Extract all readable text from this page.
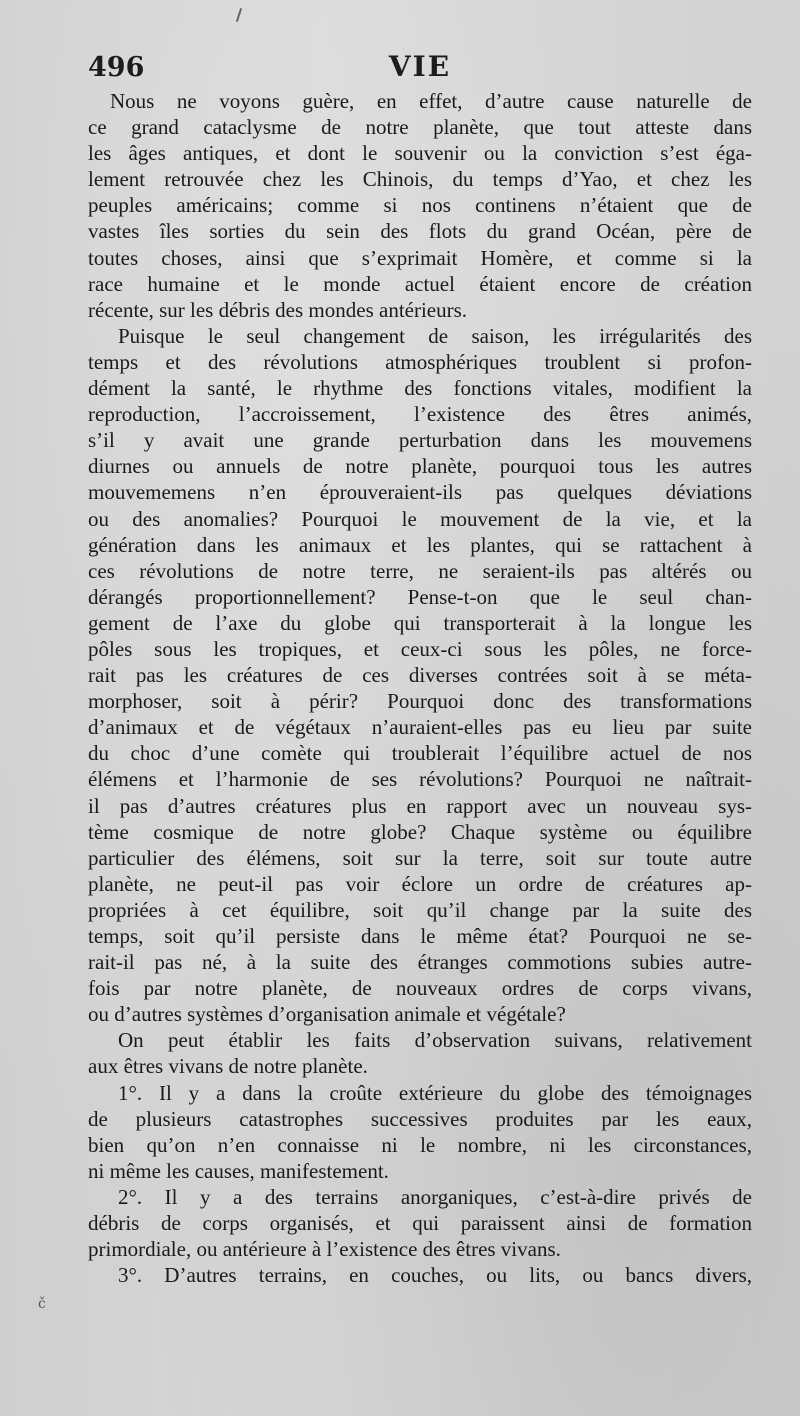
496	VIE
Nous ne voyons guère, en effet, d’autre cause naturelle de
ce grand cataclysme de notre planète, que tout atteste dans
les âges antiques, et dont le souvenir ou la conviction s’est éga-
lement retrouvée chez les Chinois, du temps d’Yao, et chez les
peuples américains; comme si nos continens n’étaient que de
vastes îles sorties du sein des flots du grand Océan, père de
toutes choses, ainsi que s’exprimait Homère, et comme si la
race humaine et le monde actuel étaient encore de création
récente, sur les débris des mondes antérieurs.
Puisque le seul changement de saison, les irrégularités des
temps et des révolutions atmosphériques troublent si profon-
dément la santé, le rhythme des fonctions vitales, modifient la
reproduction, l’accroissement, l’existence des êtres animés,
s’il y avait une grande perturbation dans les mouvemens
diurnes ou annuels de notre planète, pourquoi tous les autres
mouvememens n’en éprouveraient-ils pas quelques déviations
ou des anomalies? Pourquoi le mouvement de la vie, et la
génération dans les animaux et les plantes, qui se rattachent à
ces révolutions de notre terre, ne seraient-ils pas altérés ou
dérangés proportionnellement? Pense-t-on que le seul chan-
gement de l’axe du globe qui transporterait à la longue les
pôles sous les tropiques, et ceux-ci sous les pôles, ne force-
rait pas les créatures de ces diverses contrées soit à se méta-
morphoser, soit à périr? Pourquoi donc des transformations
d’animaux et de végétaux n’auraient-elles pas eu lieu par suite
du choc d’une comète qui troublerait l’équilibre actuel de nos
élémens et l’harmonie de ses révolutions? Pourquoi ne naîtrait-
il pas d’autres créatures plus en rapport avec un nouveau sys-
tème cosmique de notre globe? Chaque système ou équilibre
particulier des élémens, soit sur la terre, soit sur toute autre
planète, ne peut-il pas voir éclore un ordre de créatures ap-
propriées à cet équilibre, soit qu’il change par la suite des
temps, soit qu’il persiste dans le même état? Pourquoi ne se-
rait-il pas né, à la suite des étranges commotions subies autre-
fois par notre planète, de nouveaux ordres de corps vivans,
ou d’autres systèmes d’organisation animale et végétale?
On peut établir les faits d’observation suivans, relativement
aux êtres vivans de notre planète.
1°. Il y a dans la croûte extérieure du globe des témoignages
de plusieurs catastrophes successives produites par les eaux,
bien qu’on n’en connaisse ni le nombre, ni les circonstances,
ni même les causes, manifestement.
2°. Il y a des terrains anorganiques, c’est-à-dire privés de
débris de corps organisés, et qui paraissent ainsi de formation
primordiale, ou antérieure à l’existence des êtres vivans.
3°. D’autres terrains, en couches, ou lits, ou bancs divers,
č
